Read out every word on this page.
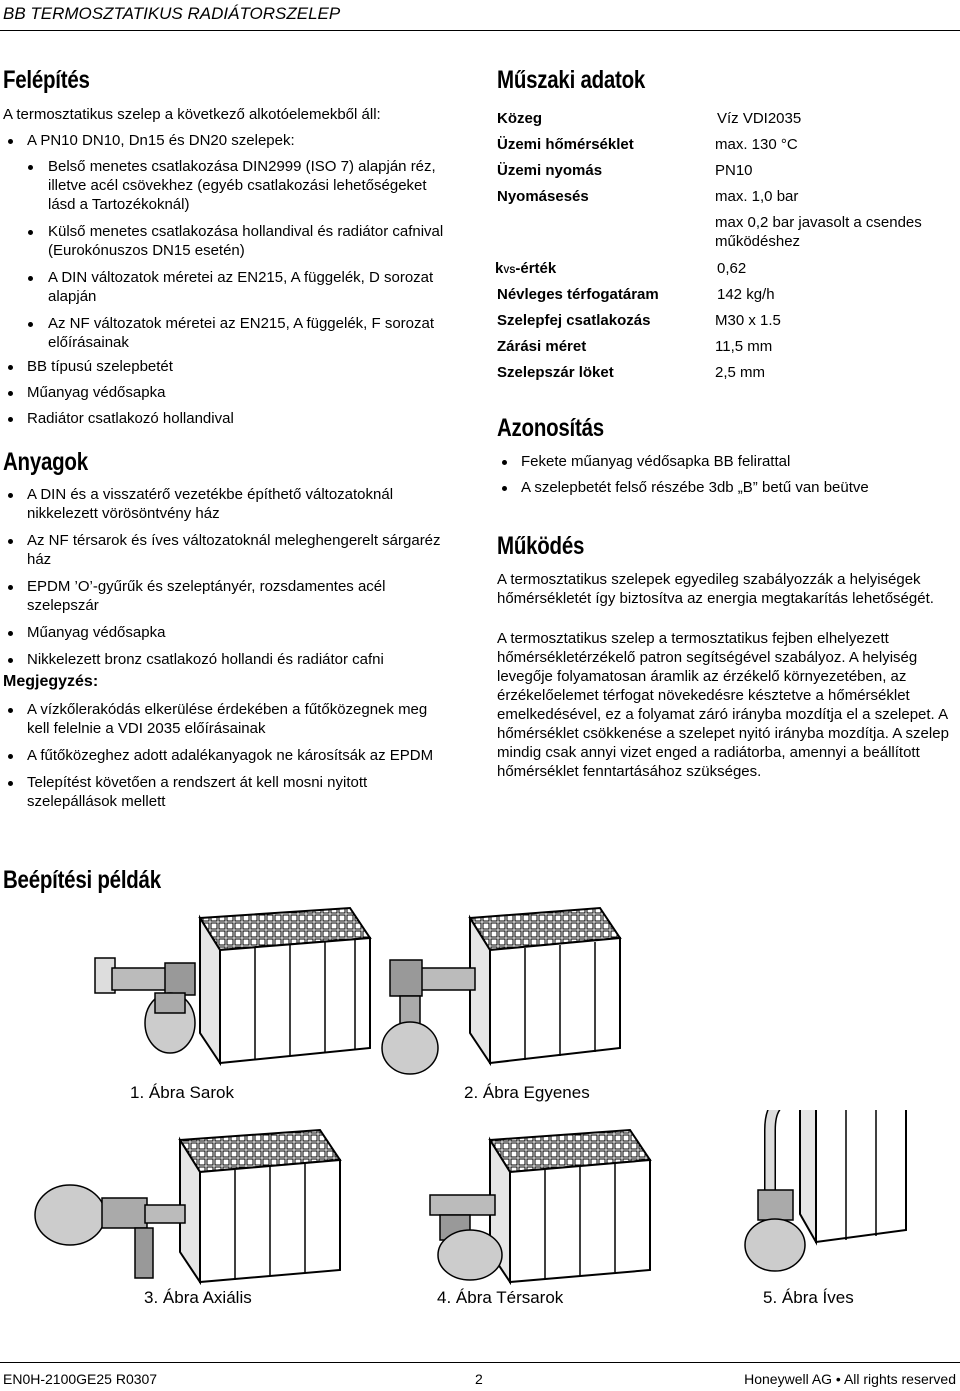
BB TERMOSZTATIKUS RADIÁTORSZELEP
Felépítés
A termosztatikus szelep a következő alkotóelemekből áll:
A PN10 DN10, Dn15 és DN20 szelepek:
Belső menetes csatlakozása DIN2999 (ISO 7) alapján réz, illetve acél csövekhez (egyéb csatlakozási lehetőségeket lásd a Tartozékoknál)
Külső menetes csatlakozása hollandival és radiátor cafnival (Eurokónuszos DN15 esetén)
A DIN változatok méretei az EN215, A függelék, D sorozat alapján
Az NF változatok méretei az EN215, A függelék, F sorozat előírásainak
BB típusú szelepbetét
Műanyag védősapka
Radiátor csatlakozó hollandival
Anyagok
A DIN és a visszatérő vezetékbe építhető változatoknál nikkelezett vörösöntvény ház
Az NF térsarok és íves változatoknál meleghengerelt sárgaréz ház
EPDM ’O’-gyűrűk és szeleptányér, rozsdamentes acél szelepszár
Műanyag védősapka
Nikkelezett bronz csatlakozó hollandi és radiátor cafni
Megjegyzés:
A vízkőlerakódás elkerülése érdekében a fűtőközegnek meg kell felelnie a VDI 2035 előírásainak
A fűtőközeghez adott adalékanyagok ne károsítsák az EPDM
Telepítést követően a rendszert át kell mosni nyitott szelepállások mellett
Műszaki adatok
Közeg	Víz VDI2035
Üzemi hőmérséklet	max. 130 °C
Üzemi nyomás	PN10
Nyomásesés	max. 1,0 bar
max 0,2 bar javasolt a csendes működéshez
kVS-érték	0,62
Névleges térfogatáram	142 kg/h
Szelepfej csatlakozás	M30 x 1.5
Zárási méret	11,5 mm
Szelepszár löket	2,5 mm
Azonosítás
Fekete műanyag védősapka BB felirattal
A szelepbetét felső részébe 3db „B” betű van beütve
Működés
A termosztatikus szelepek egyedileg szabályozzák a helyiségek hőmérsékletét így biztosítva az energia megtakarítás lehetőségét.
A termosztatikus szelep a termosztatikus fejben elhelyezett hőmérsékletérzékelő patron segítségével szabályoz. A helyiség levegője folyamatosan áramlik az érzékelő környezetében, az érzékelőelemet térfogat növekedésre késztetve a hőmérséklet emelkedésével, ez a folyamat záró irányba mozdítja el a szelepet. A hőmérséklet csökkenése a szelepet nyitó irányba mozdítja. A szelep mindig csak annyi vizet enged a radiátorba, amennyi a beállított hőmérséklet fenntartásához szükséges.
Beépítési példák
1. Ábra Sarok	2. Ábra Egyenes
3. Ábra Axiális	4. Ábra Térsarok	5. Ábra Íves
EN0H-2100GE25 R0307	2	Honeywell AG • All rights reserved
